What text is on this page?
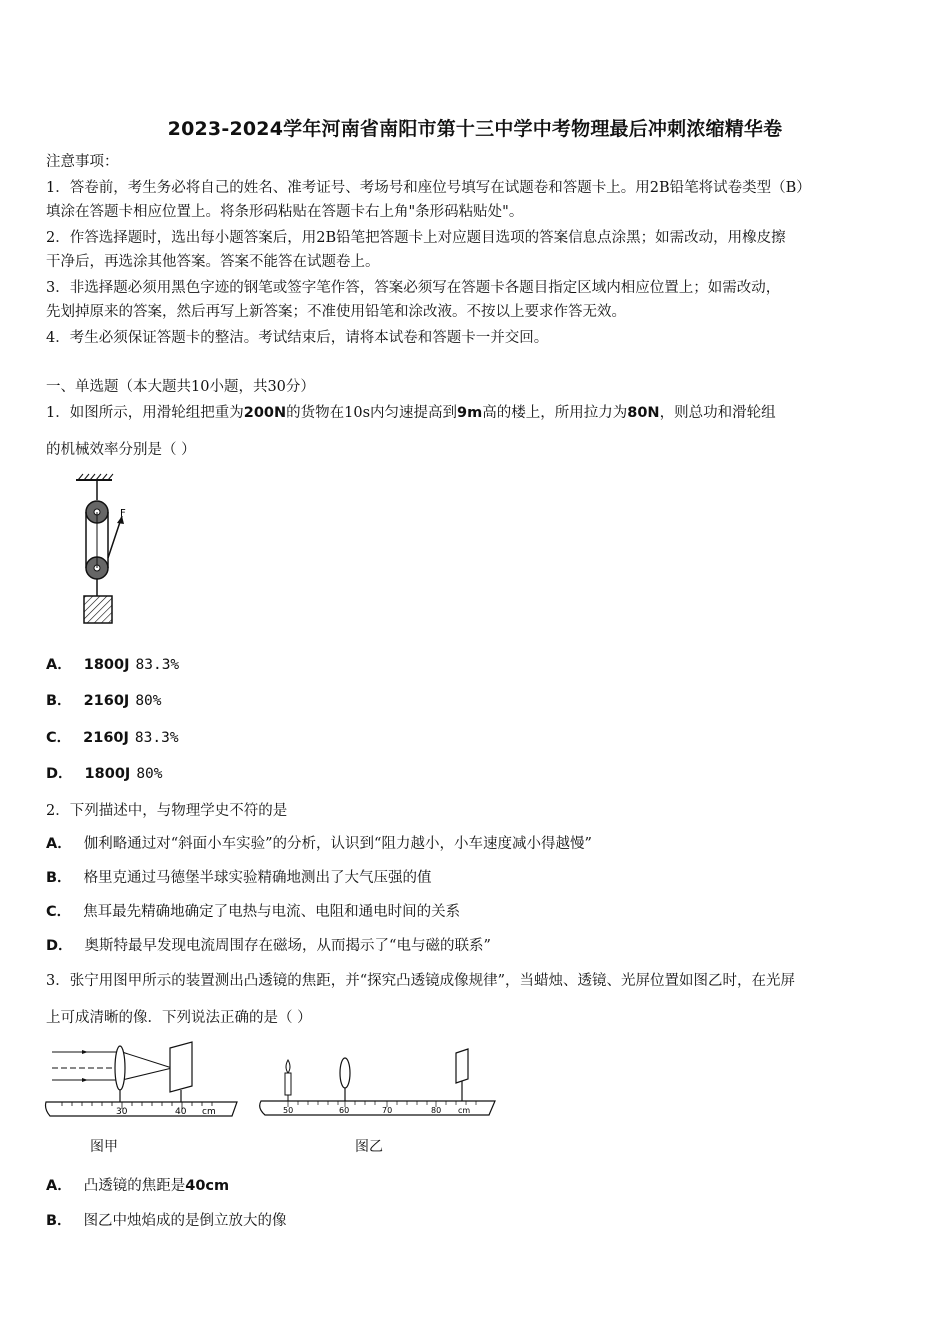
2023-2024学年河南省南阳市第十三中学中考物理最后冲刺浓缩精华卷
注意事项：
1．答卷前，考生务必将自己的姓名、准考证号、考场号和座位号填写在试题卷和答题卡上。用2B铅笔将试卷类型（B）
填涂在答题卡相应位置上。将条形码粘贴在答题卡右上角"条形码粘贴处"。
2．作答选择题时，选出每小题答案后，用2B铅笔把答题卡上对应题目选项的答案信息点涂黑；如需改动，用橡皮擦
干净后，再选涂其他答案。答案不能答在试题卷上。
3．非选择题必须用黑色字迹的钢笔或签字笔作答，答案必须写在答题卡各题目指定区域内相应位置上；如需改动，
先划掉原来的答案，然后再写上新答案；不准使用铅笔和涂改液。不按以上要求作答无效。
4．考生必须保证答题卡的整洁。考试结束后，请将本试卷和答题卡一并交回。
一、单选题（本大题共10小题，共30分）
1．如图所示，用滑轮组把重为200N的货物在10s内匀速提高到9m高的楼上，所用拉力为80N，则总功和滑轮组
的机械效率分别是（ ）
F
A． 1800J 83.3%
B． 2160J 80%
C． 2160J 83.3%
D． 1800J 80%
2．下列描述中，与物理学史不符的是
A． 伽利略通过对“斜面小车实验”的分析，认识到“阻力越小，小车速度减小得越慢”
B． 格里克通过马德堡半球实验精确地测出了大气压强的值
C． 焦耳最先精确地确定了电热与电流、电阻和通电时间的关系
D． 奥斯特最早发现电流周围存在磁场，从而揭示了“电与磁的联系”
3．张宁用图甲所示的装置测出凸透镜的焦距，并“探究凸透镜成像规律”，当蜡烛、透镜、光屏位置如图乙时，在光屏
上可成清晰的像．下列说法正确的是（ ）
30	40 cm
图甲
50	60	70	80 cm
图乙
A． 凸透镜的焦距是40cm
B． 图乙中烛焰成的是倒立放大的像
